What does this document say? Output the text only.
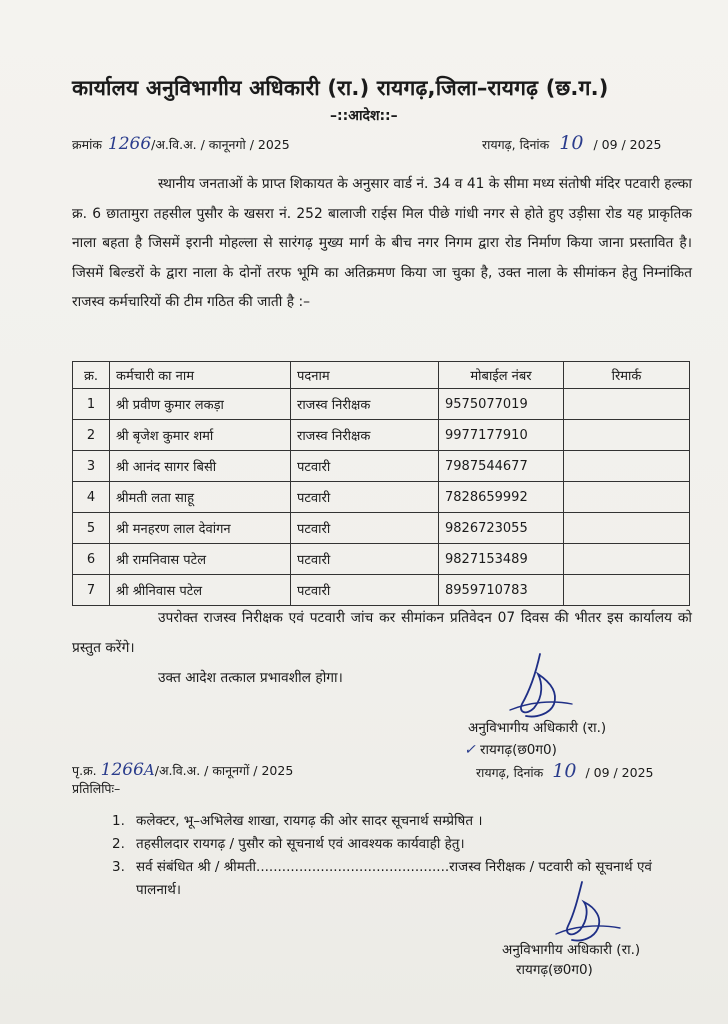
कार्यालय अनुविभागीय अधिकारी (रा.) रायगढ़,जिला–रायगढ़ (छ.ग.)
–::आदेश::–
क्रमांक 1266/अ.वि.अ. / कानूनगो / 2025	रायगढ़, दिनांक 10 / 09 / 2025

स्थानीय जनताओं के प्राप्त शिकायत के अनुसार वार्ड नं. 34 व 41 के सीमा मध्य संतोषी मंदिर पटवारी हल्का क्र. 6 छातामुरा तहसील पुसौर के खसरा नं. 252 बालाजी राईस मिल पीछे गांधी नगर से होते हुए उड़ीसा रोड यह प्राकृतिक नाला बहता है जिसमें इरानी मोहल्ला से सारंगढ़ मुख्य मार्ग के बीच नगर निगम द्वारा रोड निर्माण किया जाना प्रस्तावित है। जिसमें बिल्डरों के द्वारा नाला के दोनों तरफ भूमि का अतिक्रमण किया जा चुका है, उक्त नाला के सीमांकन हेतु निम्नांकित राजस्व कर्मचारियों की टीम गठित की जाती है :–

क्र.	कर्मचारी का नाम	पदनाम	मोबाईल नंबर	रिमार्क
1	श्री प्रवीण कुमार लकड़ा	राजस्व निरीक्षक	9575077019	
2	श्री बृजेश कुमार शर्मा	राजस्व निरीक्षक	9977177910	
3	श्री आनंद सागर बिसी	पटवारी	7987544677	
4	श्रीमती लता साहू	पटवारी	7828659992	
5	श्री मनहरण लाल देवांगन	पटवारी	9826723055	
6	श्री रामनिवास पटेल	पटवारी	9827153489	
7	श्री श्रीनिवास पटेल	पटवारी	8959710783	

उपरोक्त राजस्व निरीक्षक एवं पटवारी जांच कर सीमांकन प्रतिवेदन 07 दिवस की भीतर इस कार्यालय को प्रस्तुत करेंगे।

उक्त आदेश तत्काल प्रभावशील होगा।
अनुविभागीय अधिकारी (रा.)
✓ रायगढ़(छ0ग0)
पृ.क्र. 1266A/अ.वि.अ. / कानूनगों / 2025	रायगढ़, दिनांक 10 / 09 / 2025
प्रतिलिपिः–
1. कलेक्टर, भू–अभिलेख शाखा, रायगढ़ की ओर सादर सूचनार्थ सम्प्रेषित ।
2. तहसीलदार रायगढ़ / पुसौर को सूचनार्थ एवं आवश्यक कार्यवाही हेतु।
3. सर्व संबंधित श्री / श्रीमती.............................................राजस्व निरीक्षक / पटवारी को सूचनार्थ एवं पालनार्थ।
अनुविभागीय अधिकारी (रा.)
रायगढ़(छ0ग0)
